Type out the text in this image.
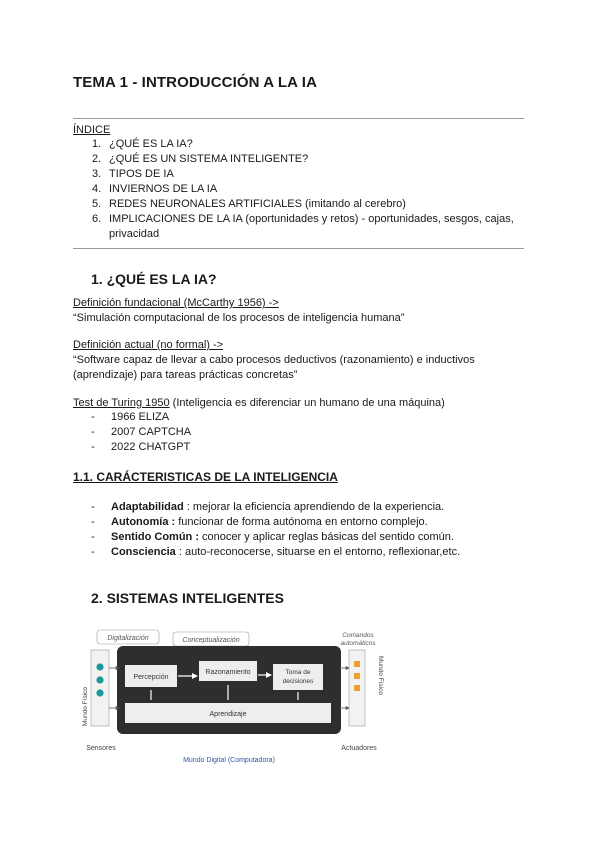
TEMA 1 - INTRODUCCIÓN A LA IA
ÍNDICE
1. ¿QUÉ ES LA IA?
2. ¿QUÉ ES UN SISTEMA INTELIGENTE?
3. TIPOS DE IA
4. INVIERNOS DE LA IA
5. REDES NEURONALES ARTIFICIALES (imitando al cerebro)
6. IMPLICACIONES DE LA IA (oportunidades y retos) - oportunidades, sesgos, cajas, privacidad
1. ¿QUÉ ES LA IA?
Definición fundacional (McCarthy 1956) ->
“Simulación computacional de los procesos de inteligencia humana”
Definición actual (no formal) ->
“Software capaz de llevar a cabo procesos deductivos (razonamiento) e inductivos (aprendizaje) para tareas prácticas concretas”
Test de Turing 1950 (Inteligencia es diferenciar un humano de una máquina)
-	1966 ELIZA
-	2007 CAPTCHA
-	2022 CHATGPT
1.1. CARÁCTERISTICAS DE LA INTELIGENCIA
-	Adaptabilidad : mejorar la eficiencia aprendiendo de la experiencia.
-	Autonomía : funcionar de forma autónoma en entorno complejo.
-	Sentido Común : conocer y aplicar reglas básicas del sentido común.
-	Consciencia : auto-reconocerse, situarse en el entorno, reflexionar,etc.
2. SISTEMAS INTELIGENTES
Digitalización	Conceptualización
Comandos
automáticos
Mundo Físico
Mundo Físico
Percepción
Razonamiento	Toma de
decisiones
Aprendizaje
Sensores	Actuadores
Mundo Digital (Computadora)
